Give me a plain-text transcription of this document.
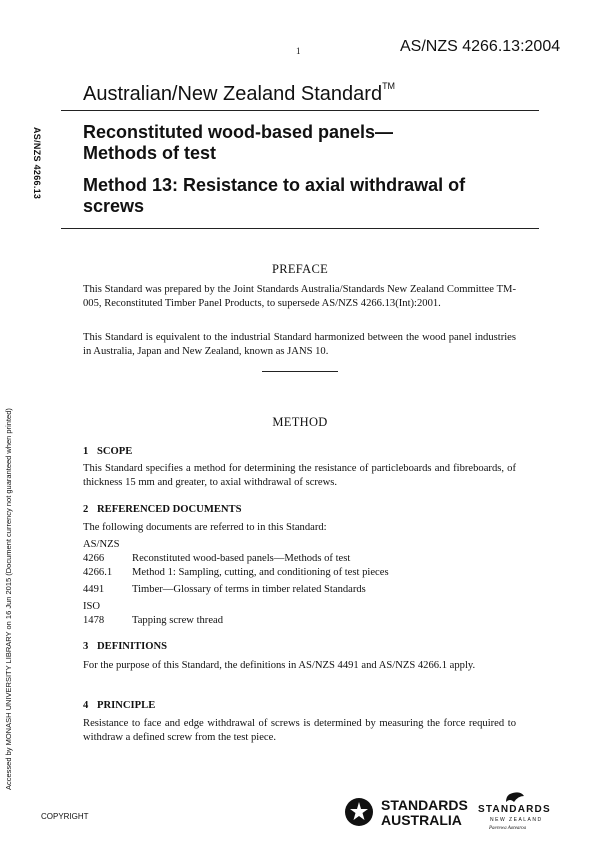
1	AS/NZS 4266.13:2004
Australian/New Zealand Standard™
AS/NZS 4266.13 Reconstituted wood-based panels—
Methods of test
Method 13: Resistance to axial withdrawal of
screws
PREFACE
This Standard was prepared by the Joint Standards Australia/Standards New Zealand Committee TM-005, Reconstituted Timber Panel Products, to supersede AS/NZS 4266.13(Int):2001.
This Standard is equivalent to the industrial Standard harmonized between the wood panel industries in Australia, Japan and New Zealand, known as JANS 10.
METHOD
1 SCOPE
This Standard specifies a method for determining the resistance of particleboards and fibreboards, of thickness 15 mm and greater, to axial withdrawal of screws.
2 REFERENCED DOCUMENTS
The following documents are referred to in this Standard:
AS/NZS
4266	Reconstituted wood-based panels—Methods of test
4266.1 Method 1: Sampling, cutting, and conditioning of test pieces
4491	Timber—Glossary of terms in timber related Standards
ISO
1478	Tapping screw thread
3 DEFINITIONS
For the purpose of this Standard, the definitions in AS/NZS 4491 and AS/NZS 4266.1 apply.
4 PRINCIPLE
Resistance to face and edge withdrawal of screws is determined by measuring the force required to withdraw a defined screw from the test piece.
Accessed by MONASH UNIVERSITY LIBRARY on 16 Jun 2015 (Document currency not guaranteed when printed)
COPYRIGHT
STANDARDS
AUSTRALIA
STANDARDS
NEW ZEALAND
Paerewa Aotearoa
